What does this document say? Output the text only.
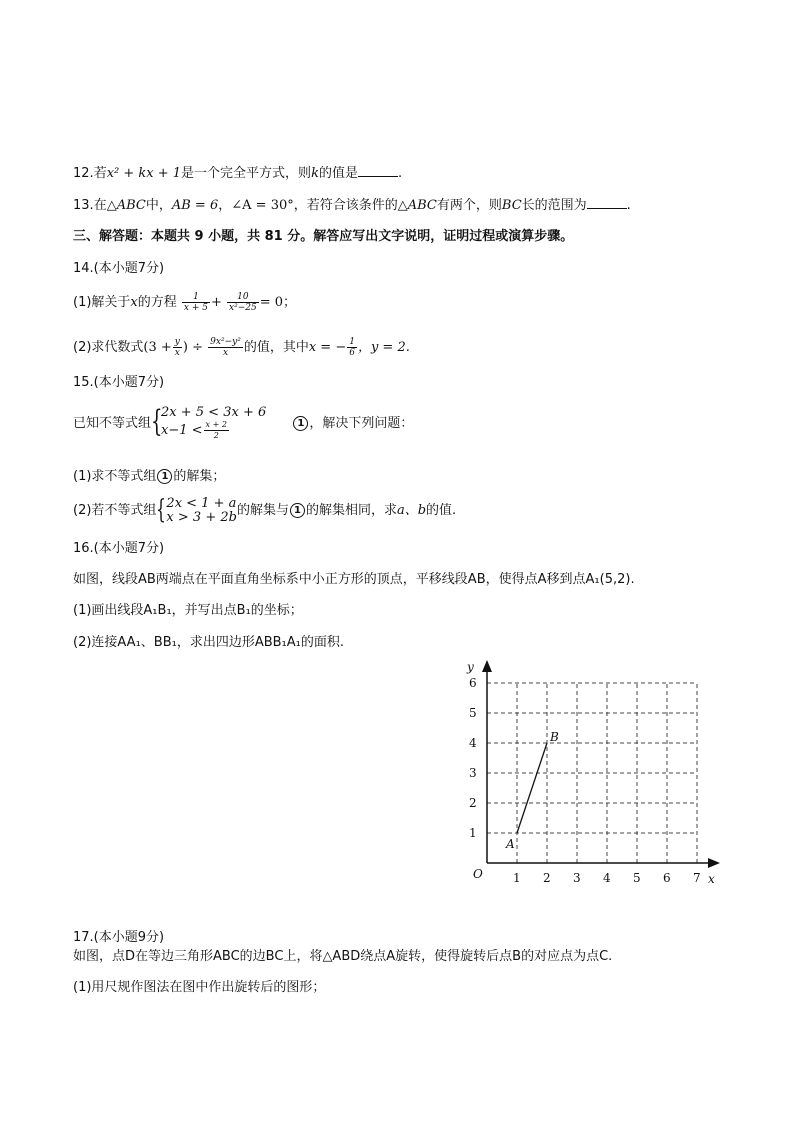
12.若x² + kx + 1是一个完全平方式，则k的值是	.
13.在△ABC中，AB = 6，∠A = 30°，若符合该条件的△ABC有两个，则BC长的范围为	.
三、解答题：本题共 9 小题，共 81 分。解答应写出文字说明，证明过程或演算步骤。
14.(本小题7分)
(1)解关于x的方程 $\frac{1}{x + 5} + \frac{10}{\text{x²−25}} = 0$；
(2)求代数式($3 + \frac{y}{x}$ ) ÷ $\frac{\text{9x²−y²}}{x}$ 的值，其中x = − $\frac{1}{6}$ ，y = 2.
15.(本小题7分)
已知不等式组 {
2x + 5 < 3x + 6
$x-1 < \frac{x + 2}{2}$	1 ，解决下列问题：
(1)求不等式组 1 的解集；
(2)若不等式组 { 2x < 1 + a
x > 3 + 2b 的解集与 1 的解集相同，求a、b的值.
16.(本小题7分)
如图，线段AB两端点在平面直角坐标系中小正方形的顶点，平移线段AB，使得点A移到点A₁(5,2).
(1)画出线段A₁B₁，并写出点B₁的坐标；
(2)连接AA₁、BB₁，求出四边形ABB₁A₁的面积.
1 2 3 4 5 6 7
1
2
3
4
5
6
x
y
O
A
B
17.(本小题9分)
如图，点D在等边三角形ABC的边BC上，将△ABD绕点A旋转，使得旋转后点B的对应点为点C.
(1)用尺规作图法在图中作出旋转后的图形；
